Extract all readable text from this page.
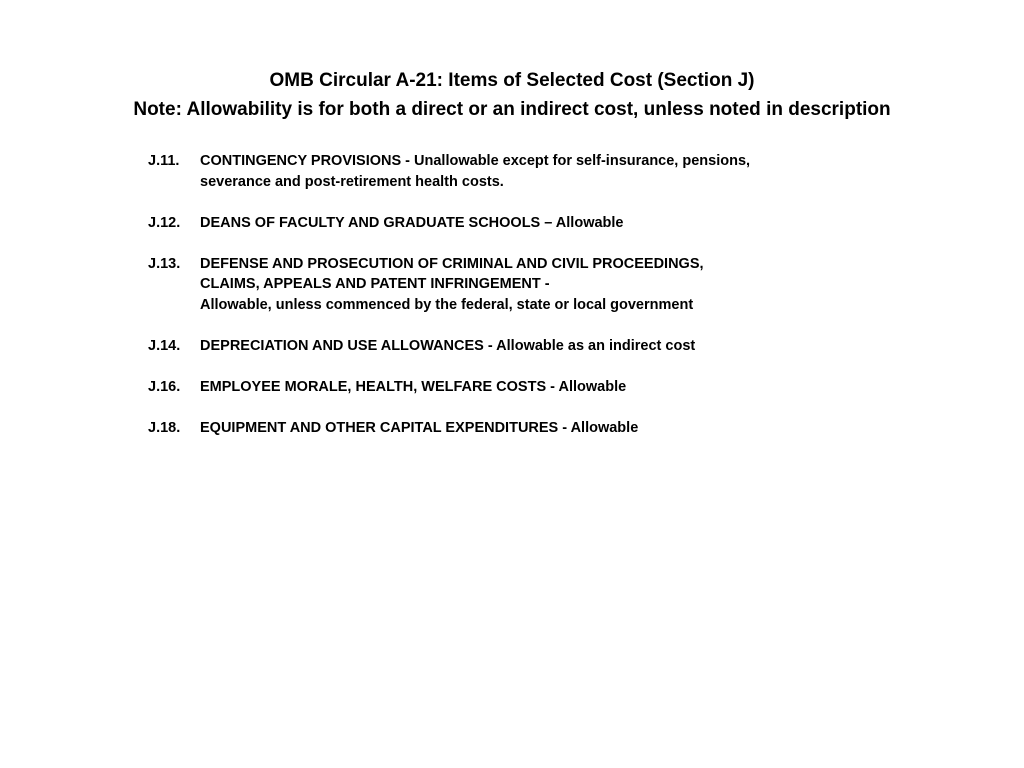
OMB Circular A-21: Items of Selected Cost (Section J)
Note: Allowability is for both a direct or an indirect cost, unless noted in description
J.11.	CONTINGENCY PROVISIONS - Unallowable except for self-insurance, pensions,
severance and post-retirement health costs.
J.12.	DEANS OF FACULTY AND GRADUATE SCHOOLS – Allowable
J.13.	DEFENSE AND PROSECUTION OF CRIMINAL AND CIVIL PROCEEDINGS,
CLAIMS, APPEALS AND PATENT INFRINGEMENT -
Allowable, unless commenced by the federal, state or local government
J.14.	DEPRECIATION AND USE ALLOWANCES - Allowable as an indirect cost
J.16.	EMPLOYEE MORALE, HEALTH, WELFARE COSTS - Allowable
J.18.	EQUIPMENT AND OTHER CAPITAL EXPENDITURES - Allowable
